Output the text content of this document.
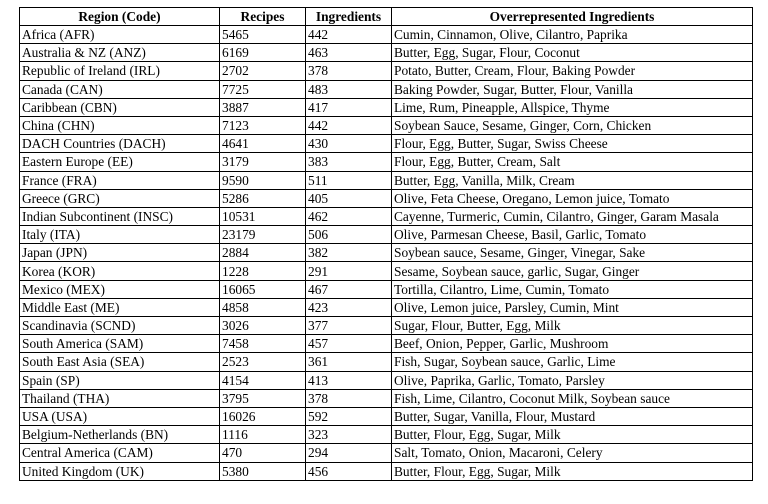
Region (Code)	Recipes	Ingredients	Overrepresented Ingredients
Africa (AFR)	5465	442	Cumin, Cinnamon, Olive, Cilantro, Paprika
Australia & NZ (ANZ)	6169	463	Butter, Egg, Sugar, Flour, Coconut
Republic of Ireland (IRL)	2702	378	Potato, Butter, Cream, Flour, Baking Powder
Canada (CAN)	7725	483	Baking Powder, Sugar, Butter, Flour, Vanilla
Caribbean (CBN)	3887	417	Lime, Rum, Pineapple, Allspice, Thyme
China (CHN)	7123	442	Soybean Sauce, Sesame, Ginger, Corn, Chicken
DACH Countries (DACH)	4641	430	Flour, Egg, Butter, Sugar, Swiss Cheese
Eastern Europe (EE)	3179	383	Flour, Egg, Butter, Cream, Salt
France (FRA)	9590	511	Butter, Egg, Vanilla, Milk, Cream
Greece (GRC)	5286	405	Olive, Feta Cheese, Oregano, Lemon juice, Tomato
Indian Subcontinent (INSC)	10531	462	Cayenne, Turmeric, Cumin, Cilantro, Ginger, Garam Masala
Italy (ITA)	23179	506	Olive, Parmesan Cheese, Basil, Garlic, Tomato
Japan (JPN)	2884	382	Soybean sauce, Sesame, Ginger, Vinegar, Sake
Korea (KOR)	1228	291	Sesame, Soybean sauce, garlic, Sugar, Ginger
Mexico (MEX)	16065	467	Tortilla, Cilantro, Lime, Cumin, Tomato
Middle East (ME)	4858	423	Olive, Lemon juice, Parsley, Cumin, Mint
Scandinavia (SCND)	3026	377	Sugar, Flour, Butter, Egg, Milk
South America (SAM)	7458	457	Beef, Onion, Pepper, Garlic, Mushroom
South East Asia (SEA)	2523	361	Fish, Sugar, Soybean sauce, Garlic, Lime
Spain (SP)	4154	413	Olive, Paprika, Garlic, Tomato, Parsley
Thailand (THA)	3795	378	Fish, Lime, Cilantro, Coconut Milk, Soybean sauce
USA (USA)	16026	592	Butter, Sugar, Vanilla, Flour, Mustard
Belgium-Netherlands (BN)	1116	323	Butter, Flour, Egg, Sugar, Milk
Central America (CAM)	470	294	Salt, Tomato, Onion, Macaroni, Celery
United Kingdom (UK)	5380	456	Butter, Flour, Egg, Sugar, Milk
